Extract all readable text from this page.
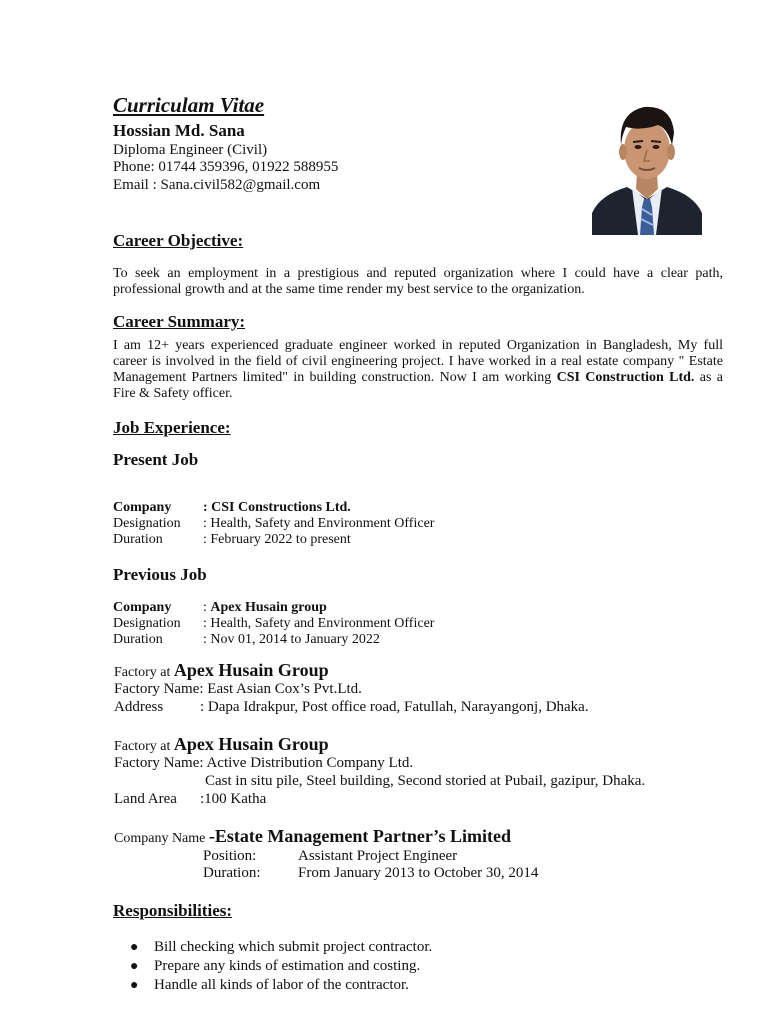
Curriculam Vitae
Hossian Md. Sana
Diploma Engineer (Civil)
Phone: 01744 359396, 01922 588955
Email : Sana.civil582@gmail.com
Career Objective:
To seek an employment in a prestigious and reputed organization where I could have a clear path, professional growth and at the same time render my best service to the organization.
Career Summary:
I am 12+ years experienced graduate engineer worked in reputed Organization in Bangladesh, My full career is involved in the field of civil engineering project. I have worked in a real estate company " Estate Management Partners limited" in building construction. Now I am working CSI Construction Ltd. as a Fire & Safety officer.
Job Experience:
Present Job
Company : CSI Constructions Ltd.
Designation : Health, Safety and Environment Officer
Duration	: February 2022 to present
Previous Job
Company : Apex Husain group
Designation : Health, Safety and Environment Officer
Duration	: Nov 01, 2014 to January 2022
Factory at Apex Husain Group
Factory Name: East Asian Cox’s Pvt.Ltd.
Address : Dapa Idrakpur, Post office road, Fatullah, Narayangonj, Dhaka.
Factory at Apex Husain Group
Factory Name: Active Distribution Company Ltd.
Cast in situ pile, Steel building, Second storied at Pubail, gazipur, Dhaka.
Land Area :100 Katha
Company Name -Estate Management Partner’s Limited
Position:	Assistant Project Engineer
Duration:	From January 2013 to October 30, 2014
Responsibilities:
● Bill checking which submit project contractor.
● Prepare any kinds of estimation and costing.
● Handle all kinds of labor of the contractor.
